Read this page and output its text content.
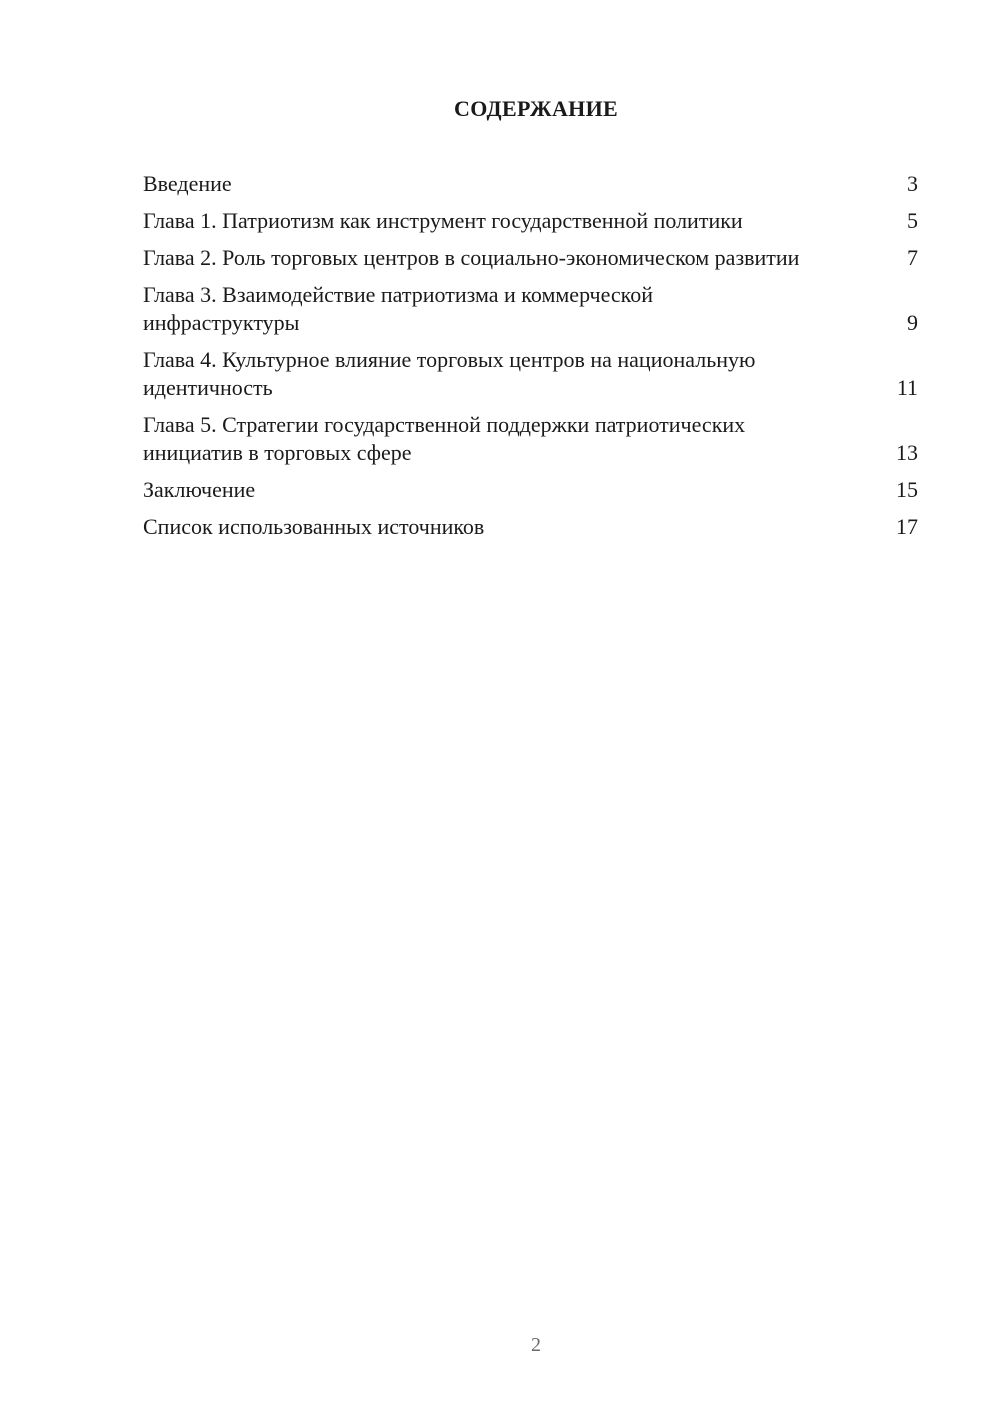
СОДЕРЖАНИЕ
Введение	3
Глава 1. Патриотизм как инструмент государственной политики	5
Глава 2. Роль торговых центров в социально-экономическом развитии	7
Глава 3. Взаимодействие патриотизма и коммерческой инфраструктуры	9
Глава 4. Культурное влияние торговых центров на национальную идентичность	11
Глава 5. Стратегии государственной поддержки патриотических инициатив в торговых сфере	13
Заключение	15
Список использованных источников	17
2
